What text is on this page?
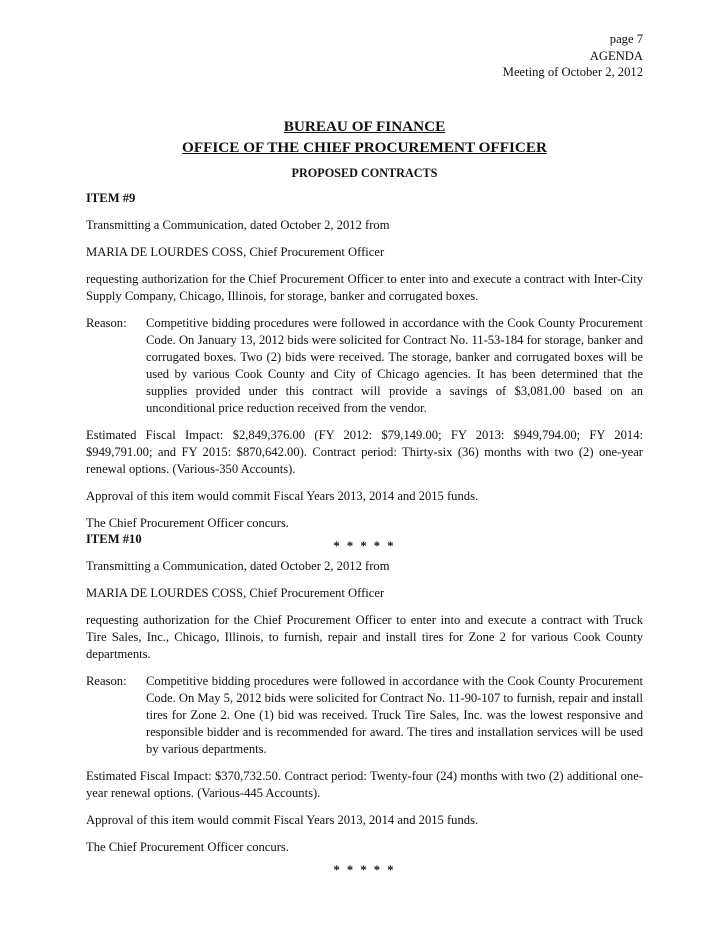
page 7
AGENDA
Meeting of October 2, 2012
BUREAU OF FINANCE
OFFICE OF THE CHIEF PROCUREMENT OFFICER
PROPOSED CONTRACTS
ITEM #9

Transmitting a Communication, dated October 2, 2012 from

MARIA DE LOURDES COSS, Chief Procurement Officer

requesting authorization for the Chief Procurement Officer to enter into and execute a contract with Inter-City Supply Company, Chicago, Illinois, for storage, banker and corrugated boxes.

Reason:	Competitive bidding procedures were followed in accordance with the Cook County Procurement Code. On January 13, 2012 bids were solicited for Contract No. 11-53-184 for storage, banker and corrugated boxes. Two (2) bids were received. The storage, banker and corrugated boxes will be used by various Cook County and City of Chicago agencies. It has been determined that the supplies provided under this contract will provide a savings of $3,081.00 based on an unconditional price reduction received from the vendor.

Estimated Fiscal Impact: $2,849,376.00 (FY 2012: $79,149.00; FY 2013: $949,794.00; FY 2014: $949,791.00; and FY 2015: $870,642.00). Contract period: Thirty-six (36) months with two (2) one-year renewal options. (Various-350 Accounts).

Approval of this item would commit Fiscal Years 2013, 2014 and 2015 funds.

The Chief Procurement Officer concurs.

* * * * *
ITEM #10

Transmitting a Communication, dated October 2, 2012 from

MARIA DE LOURDES COSS, Chief Procurement Officer

requesting authorization for the Chief Procurement Officer to enter into and execute a contract with Truck Tire Sales, Inc., Chicago, Illinois, to furnish, repair and install tires for Zone 2 for various Cook County departments.

Reason:	Competitive bidding procedures were followed in accordance with the Cook County Procurement Code. On May 5, 2012 bids were solicited for Contract No. 11-90-107 to furnish, repair and install tires for Zone 2. One (1) bid was received. Truck Tire Sales, Inc. was the lowest responsive and responsible bidder and is recommended for award. The tires and installation services will be used by various departments.

Estimated Fiscal Impact: $370,732.50. Contract period: Twenty-four (24) months with two (2) additional one-year renewal options. (Various-445 Accounts).

Approval of this item would commit Fiscal Years 2013, 2014 and 2015 funds.

The Chief Procurement Officer concurs.

* * * * *
